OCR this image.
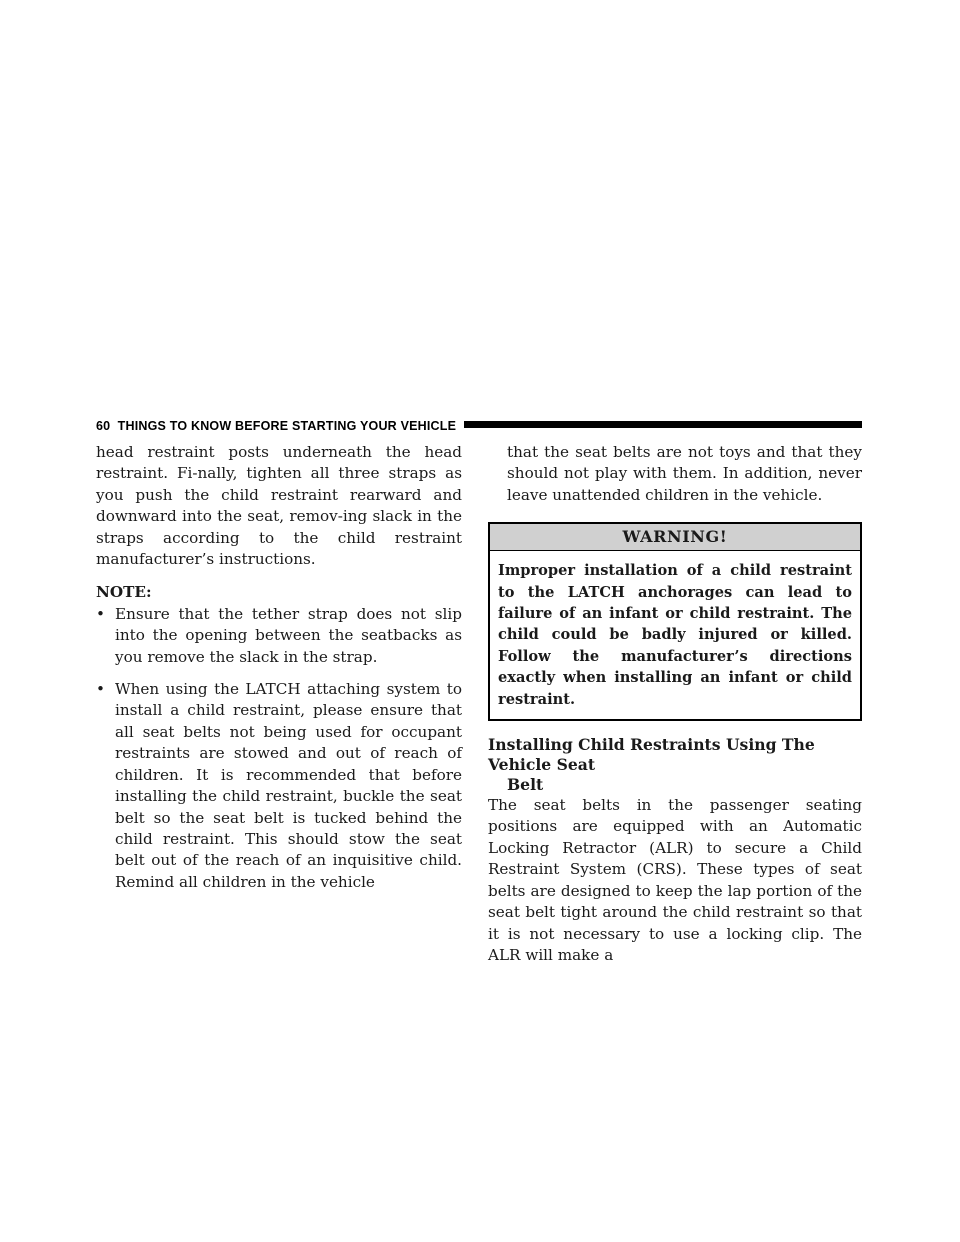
60 THINGS TO KNOW BEFORE STARTING YOUR VEHICLE

head restraint posts underneath the head restraint. Fi-nally, tighten all three straps as you push the child restraint rearward and downward into the seat, remov-ing slack in the straps according to the child restraint manufacturer’s instructions.

NOTE:

• Ensure that the tether strap does not slip into the opening between the seatbacks as you remove the slack in the strap.
• When using the LATCH attaching system to install a child restraint, please ensure that all seat belts not being used for occupant restraints are stowed and out of reach of children. It is recommended that before installing the child restraint, buckle the seat belt so the seat belt is tucked behind the child restraint. This should stow the seat belt out of the reach of an inquisitive child. Remind all children in the vehicle

that the seat belts are not toys and that they should not play with them. In addition, never leave unattended children in the vehicle.

WARNING!
Improper installation of a child restraint to the LATCH anchorages can lead to failure of an infant or child restraint. The child could be badly injured or killed. Follow the manufacturer’s directions exactly when installing an infant or child restraint.
Installing Child Restraints Using The Vehicle Seat
Belt

The seat belts in the passenger seating positions are equipped with an Automatic Locking Retractor (ALR) to secure a Child Restraint System (CRS). These types of seat belts are designed to keep the lap portion of the seat belt tight around the child restraint so that it is not necessary to use a locking clip. The ALR will make a
